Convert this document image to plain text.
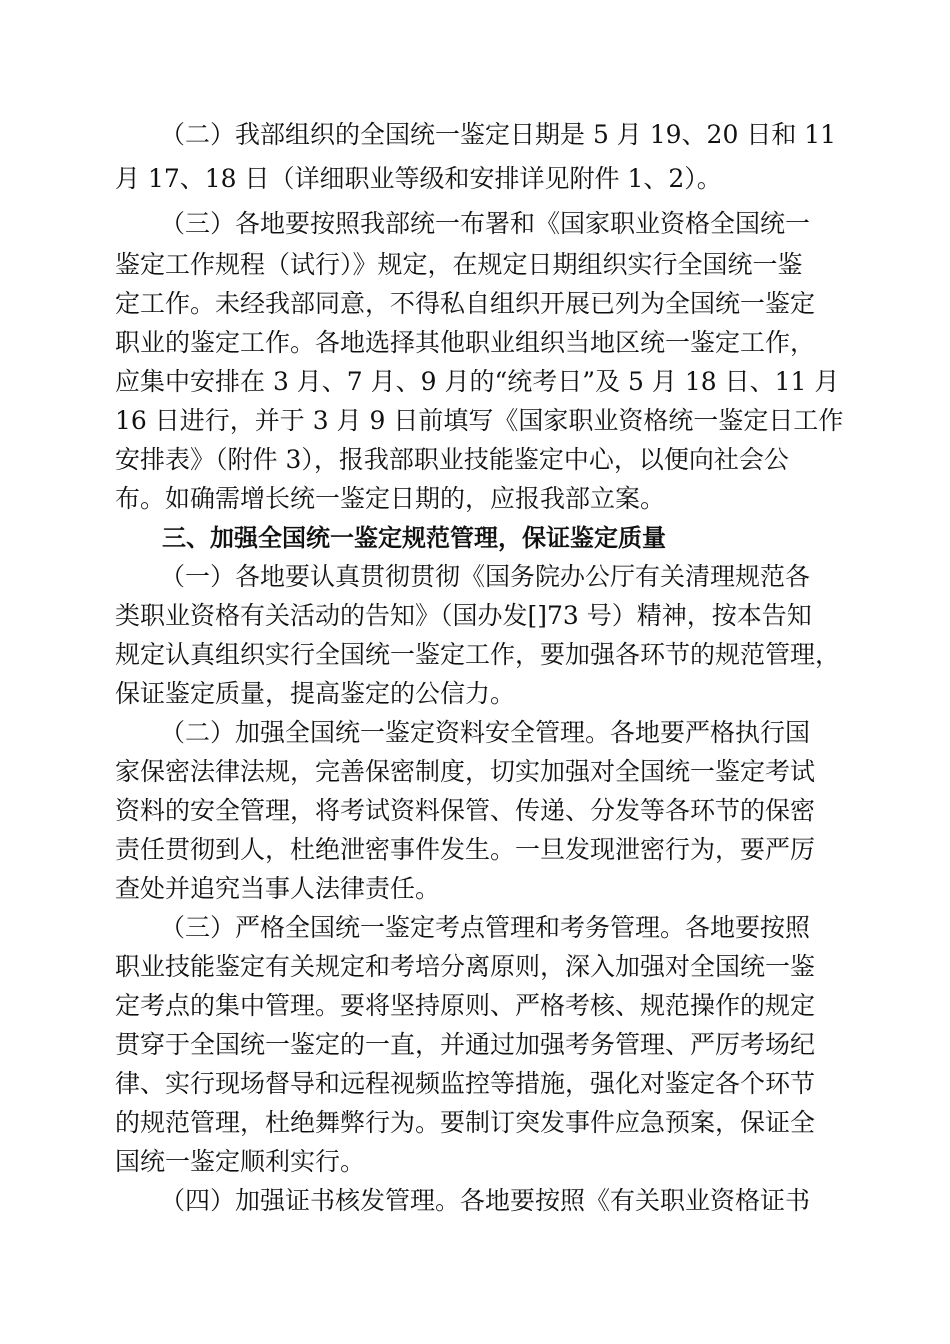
（二）我部组织的全国统一鉴定日期是 5 月 19、20 日和 11
月 17、18 日（详细职业等级和安排详见附件 1、2）。
（三）各地要按照我部统一布署和《国家职业资格全国统一
鉴定工作规程（试行）》规定，在规定日期组织实行全国统一鉴
定工作。未经我部同意，不得私自组织开展已列为全国统一鉴定
职业的鉴定工作。各地选择其他职业组织当地区统一鉴定工作，
应集中安排在 3 月、7 月、9 月的“统考日”及 5 月 18 日、11 月
16 日进行，并于 3 月 9 日前填写《国家职业资格统一鉴定日工作
安排表》（附件 3），报我部职业技能鉴定中心，以便向社会公
布。如确需增长统一鉴定日期的，应报我部立案。
三、加强全国统一鉴定规范管理，保证鉴定质量
（一）各地要认真贯彻贯彻《国务院办公厅有关清理规范各
类职业资格有关活动的告知》（国办发[]73 号）精神，按本告知
规定认真组织实行全国统一鉴定工作，要加强各环节的规范管理，
保证鉴定质量，提高鉴定的公信力。
（二）加强全国统一鉴定资料安全管理。各地要严格执行国
家保密法律法规，完善保密制度，切实加强对全国统一鉴定考试
资料的安全管理，将考试资料保管、传递、分发等各环节的保密
责任贯彻到人，杜绝泄密事件发生。一旦发现泄密行为，要严厉
查处并追究当事人法律责任。
（三）严格全国统一鉴定考点管理和考务管理。各地要按照
职业技能鉴定有关规定和考培分离原则，深入加强对全国统一鉴
定考点的集中管理。要将坚持原则、严格考核、规范操作的规定
贯穿于全国统一鉴定的一直，并通过加强考务管理、严厉考场纪
律、实行现场督导和远程视频监控等措施，强化对鉴定各个环节
的规范管理，杜绝舞弊行为。要制订突发事件应急预案，保证全
国统一鉴定顺利实行。
（四）加强证书核发管理。各地要按照《有关职业资格证书
